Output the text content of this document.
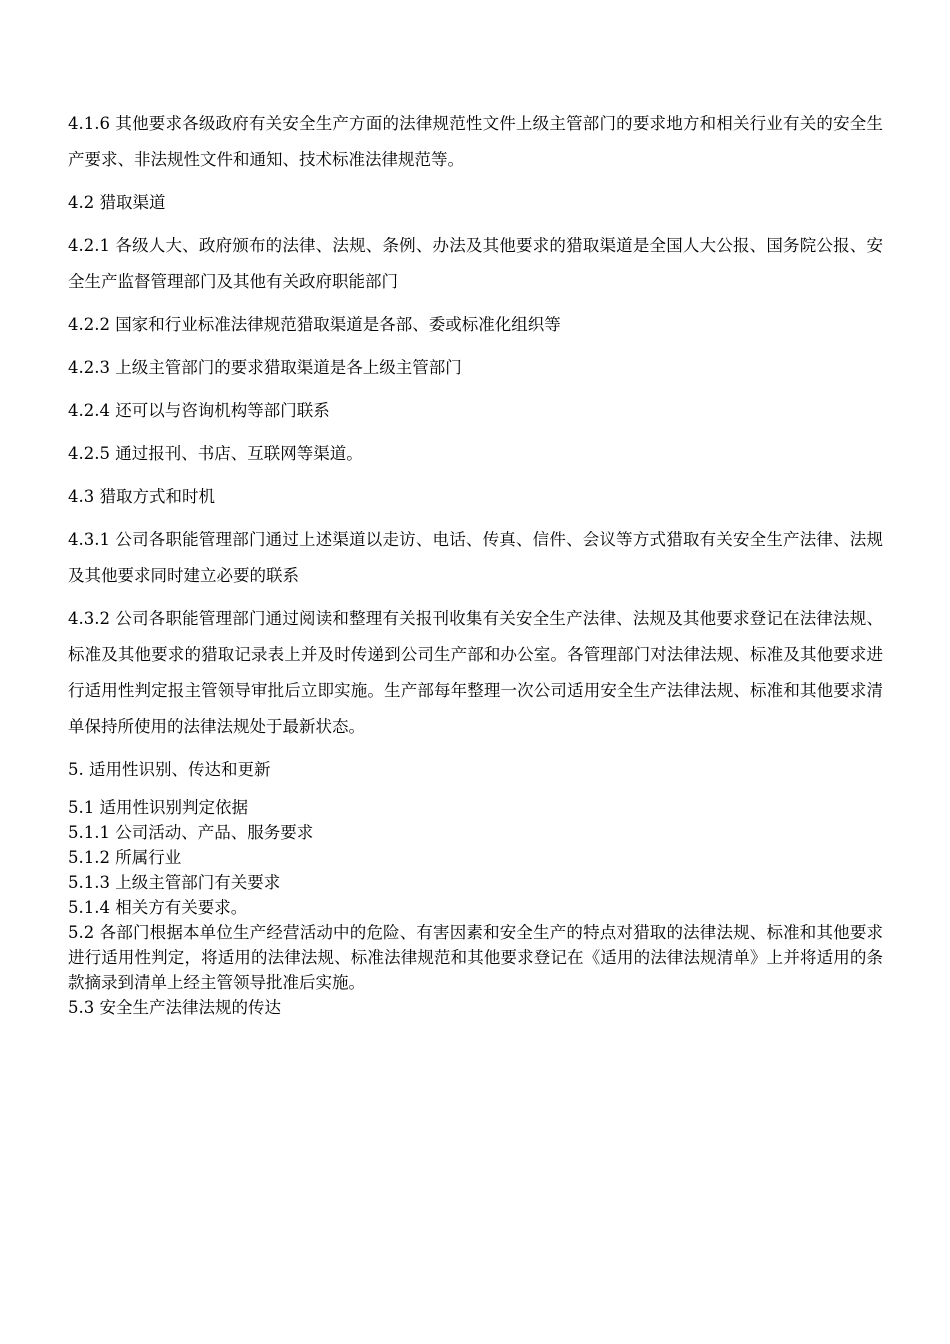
4.1.6 其他要求各级政府有关安全生产方面的法律规范性文件上级主管部门的要求地方和相关行业有关的安全生产要求、非法规性文件和通知、技术标准法律规范等。

4.2 猎取渠道

4.2.1 各级人大、政府颁布的法律、法规、条例、办法及其他要求的猎取渠道是全国人大公报、国务院公报、安全生产监督管理部门及其他有关政府职能部门

4.2.2 国家和行业标准法律规范猎取渠道是各部、委或标准化组织等

4.2.3 上级主管部门的要求猎取渠道是各上级主管部门

4.2.4 还可以与咨询机构等部门联系

4.2.5 通过报刊、书店、互联网等渠道。

4.3 猎取方式和时机

4.3.1 公司各职能管理部门通过上述渠道以走访、电话、传真、信件、会议等方式猎取有关安全生产法律、法规及其他要求同时建立必要的联系

4.3.2 公司各职能管理部门通过阅读和整理有关报刊收集有关安全生产法律、法规及其他要求登记在法律法规、标准及其他要求的猎取记录表上并及时传递到公司生产部和办公室。各管理部门对法律法规、标准及其他要求进行适用性判定报主管领导审批后立即实施。生产部每年整理一次公司适用安全生产法律法规、标准和其他要求清单保持所使用的法律法规处于最新状态。

5. 适用性识别、传达和更新

5.1 适用性识别判定依据

5.1.1 公司活动、产品、服务要求

5.1.2 所属行业

5.1.3 上级主管部门有关要求

5.1.4 相关方有关要求。

5.2 各部门根据本单位生产经营活动中的危险、有害因素和安全生产的特点对猎取的法律法规、标准和其他要求进行适用性判定，将适用的法律法规、标准法律规范和其他要求登记在《适用的法律法规清单》上并将适用的条款摘录到清单上经主管领导批准后实施。

5.3 安全生产法律法规的传达
